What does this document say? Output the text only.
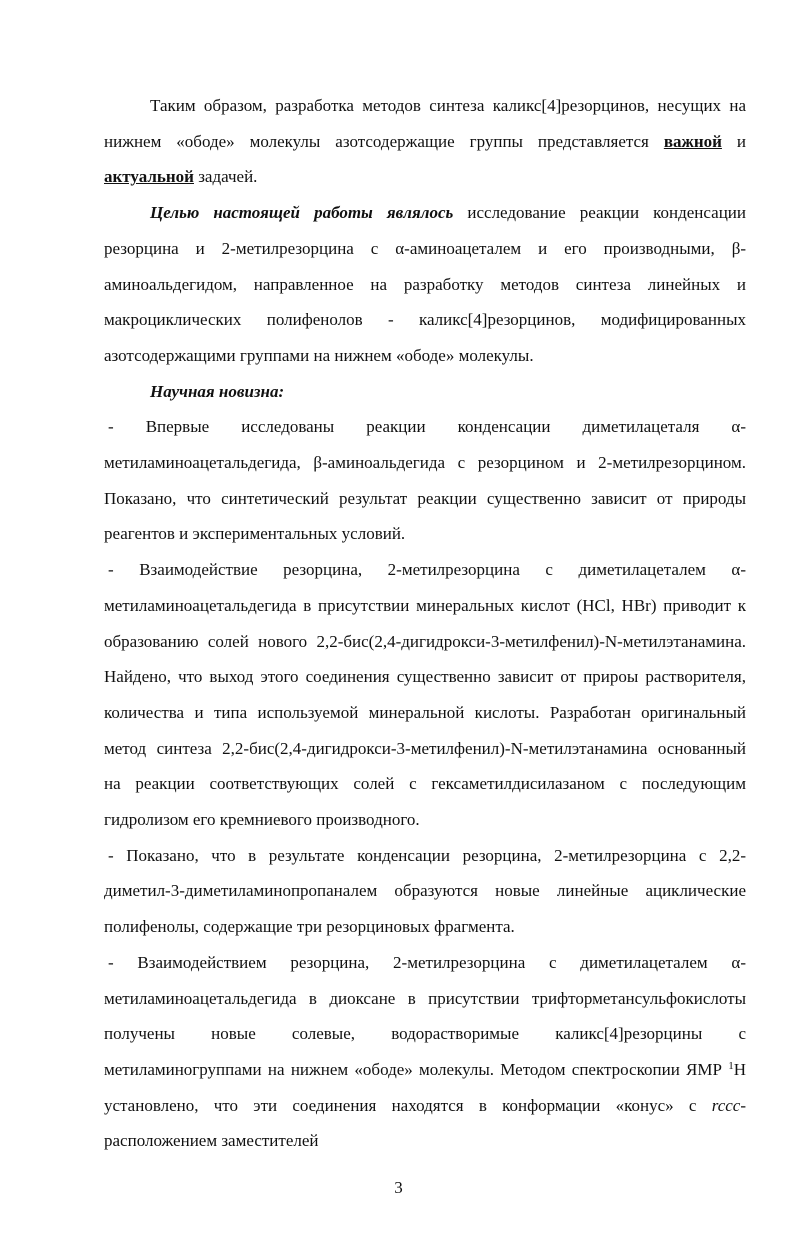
Таким образом, разработка методов синтеза каликс[4]резорцинов, несущих на нижнем «ободе» молекулы азотсодержащие группы представляется важной и актуальной задачей.

Целью настоящей работы являлось исследование реакции конденсации резорцина и 2-метилрезорцина с α-аминоацеталем и его производными, β-аминоальдегидом, направленное на разработку методов синтеза линейных и макроциклических полифенолов - каликс[4]резорцинов, модифицированных азотсодержащими группами на нижнем «ободе» молекулы.

Научная новизна:

- Впервые исследованы реакции конденсации диметилацеталя α-метиламиноацетальдегида, β-аминоальдегида с резорцином и 2-метилрезорцином. Показано, что синтетический результат реакции существенно зависит от природы реагентов и экспериментальных условий.

- Взаимодействие резорцина, 2-метилрезорцина с диметилацеталем α-метиламиноацетальдегида в присутствии минеральных кислот (HCl, HBr) приводит к образованию солей нового 2,2-бис(2,4-дигидрокси-3-метилфенил)-N-метилэтанамина. Найдено, что выход этого соединения существенно зависит от прироы растворителя, количества и типа используемой минеральной кислоты. Разработан оригинальный метод синтеза 2,2-бис(2,4-дигидрокси-3-метилфенил)-N-метилэтанамина основанный на реакции соответствующих солей с гексаметилдисилазаном с последующим гидролизом его кремниевого производного.

- Показано, что в результате конденсации резорцина, 2-метилрезорцина с 2,2-диметил-3-диметиламинопропаналем образуются новые линейные ациклические полифенолы, содержащие три резорциновых фрагмента.

- Взаимодействием резорцина, 2-метилрезорцина с диметилацеталем α-метиламиноацетальдегида в диоксане в присутствии трифторметансульфокислоты получены новые солевые, водорастворимые каликс[4]резорцины с метиламиногруппами на нижнем «ободе» молекулы. Методом спектроскопии ЯМР $^1$Н установлено, что эти соединения находятся в конформации «конус» с rccc-расположением заместителей

3
